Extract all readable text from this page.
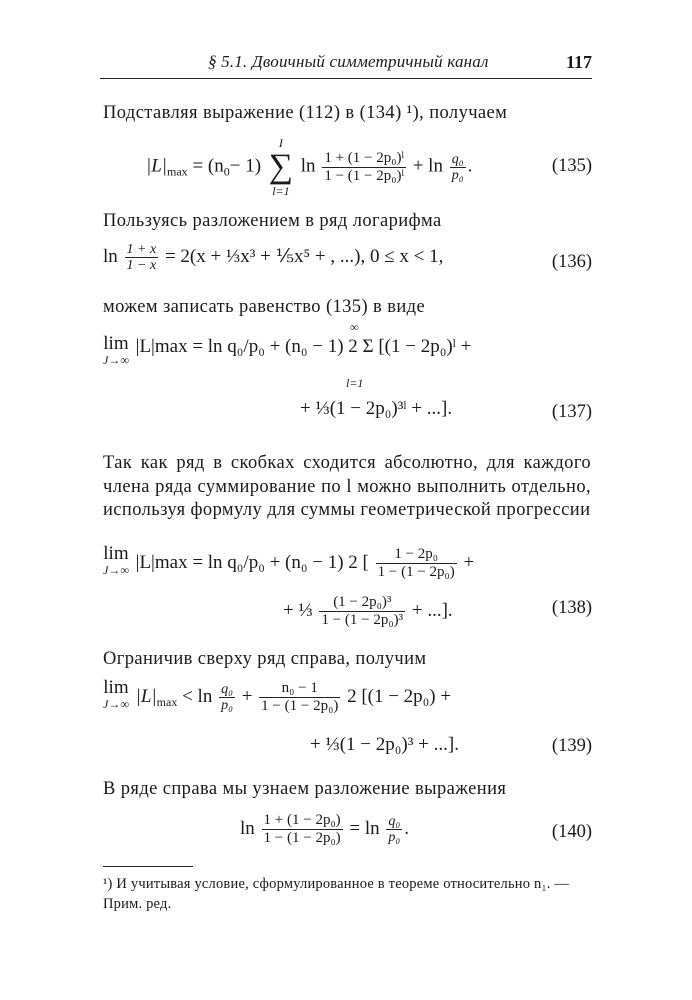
§ 5.1. Двоичный симметричный канал	117
Подставляя выражение (112) в (134) ¹), получаем
$|L|_{max} = (n_0- 1)$
I
∑
l=1
$\ln \frac{\text{1 + (1 − 2p₀)ˡ}}{\text{1 − (1 − 2p₀)ˡ}} + \ln \frac{\text{q₀}}{\text{p₀}}$ .	(135)
Пользуясь разложением в ряд логарифма
$\ln \frac{1 + x}{1 - x} = 2(x$ + ⅓x³ + ⅕x⁵ + , ...), 0 ≤ x < 1,	(136)
можем записать равенство (135) в виде
lim
J→∞
|L|max = ln q₀/p₀ + (n₀ − 1) 2 Σ [(1 − 2p₀)ˡ +
∞
l=1
+ ⅓(1 − 2p₀)³ˡ + ...].	(137)
Так как ряд в скобках сходится абсолютно, для каждого члена ряда суммирование по l можно выполнить отдельно, используя формулу для суммы геометрической прогрессии
lim
J→∞ |L|max = ln q₀/p₀ + (n₀ − 1) 2 [ $\frac{\text{1 − 2p₀}}{\text{1 − (1 − 2p₀)}}$ +
+ ⅓ $\frac{\text{(1 − 2p₀)³}}{\text{1 − (1 − 2p₀)³}}$ + ...].	(138)
Ограничив сверху ряд справа, получим
lim
J→∞ $|L|_{max} < \ln \frac{\text{q₀}}{\text{p₀}} + \frac{\text{n₀ − 1}}{\text{1 − (1 − 2p₀)}} 2$ [(1 − 2p₀) +
+ ⅓(1 − 2p₀)³ + ...].	(139)
В ряде справа мы узнаем разложение выражения
$\ln \frac{\text{1 + (1 − 2p₀)}}{\text{1 − (1 − 2p₀)}} = \ln \frac{\text{q₀}}{\text{p₀}}$ .	(140)
¹) И учитывая условие, сформулированное в теореме относительно n₁. — Прим. ред.
